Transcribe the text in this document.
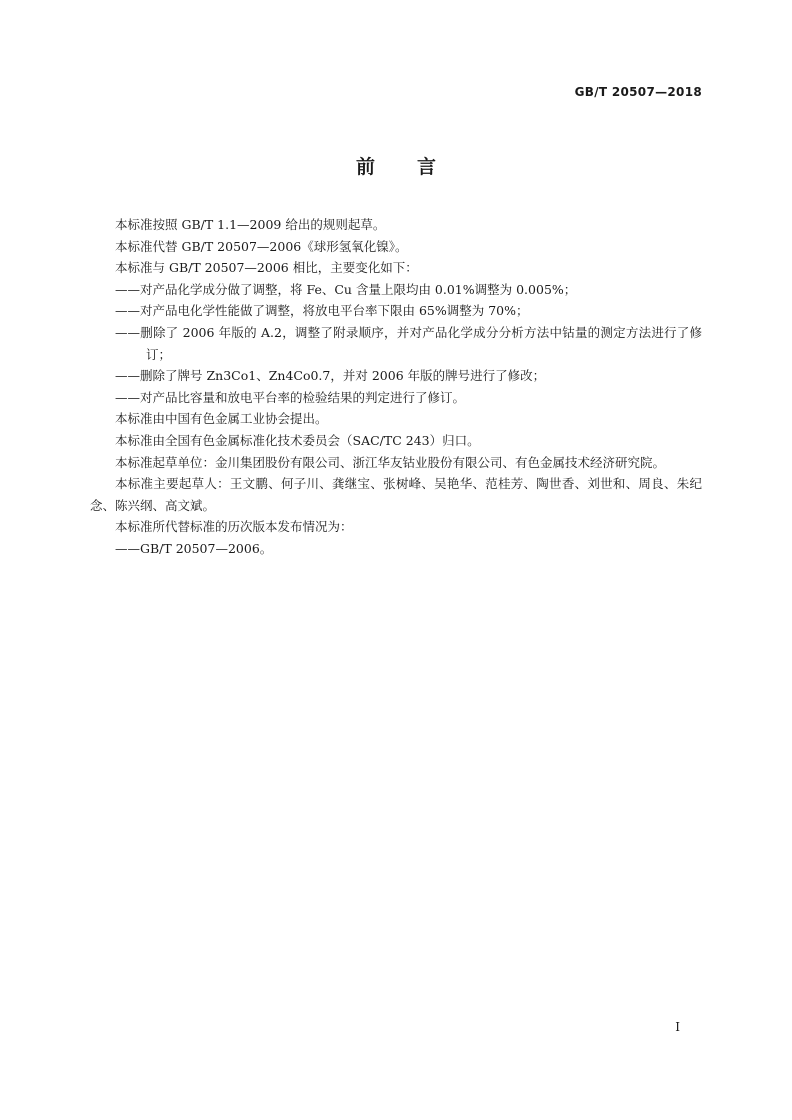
GB/T 20507—2018
前言

本标准按照 GB/T 1.1—2009 给出的规则起草。

本标准代替 GB/T 20507—2006《球形氢氧化镍》。

本标准与 GB/T 20507—2006 相比，主要变化如下：

——对产品化学成分做了调整，将 Fe、Cu 含量上限均由 0.01%调整为 0.005%；

——对产品电化学性能做了调整，将放电平台率下限由 65%调整为 70%；

——删除了 2006 年版的 A.2，调整了附录顺序，并对产品化学成分分析方法中钴量的测定方法进行了修订；

——删除了牌号 Zn3Co1、Zn4Co0.7，并对 2006 年版的牌号进行了修改；

——对产品比容量和放电平台率的检验结果的判定进行了修订。

本标准由中国有色金属工业协会提出。

本标准由全国有色金属标准化技术委员会（SAC/TC 243）归口。

本标准起草单位：金川集团股份有限公司、浙江华友钴业股份有限公司、有色金属技术经济研究院。

本标准主要起草人：王文鹏、何子川、龚继宝、张树峰、吴艳华、范桂芳、陶世香、刘世和、周良、朱纪念、陈兴纲、高文斌。

本标准所代替标准的历次版本发布情况为：

——GB/T 20507—2006。

I
